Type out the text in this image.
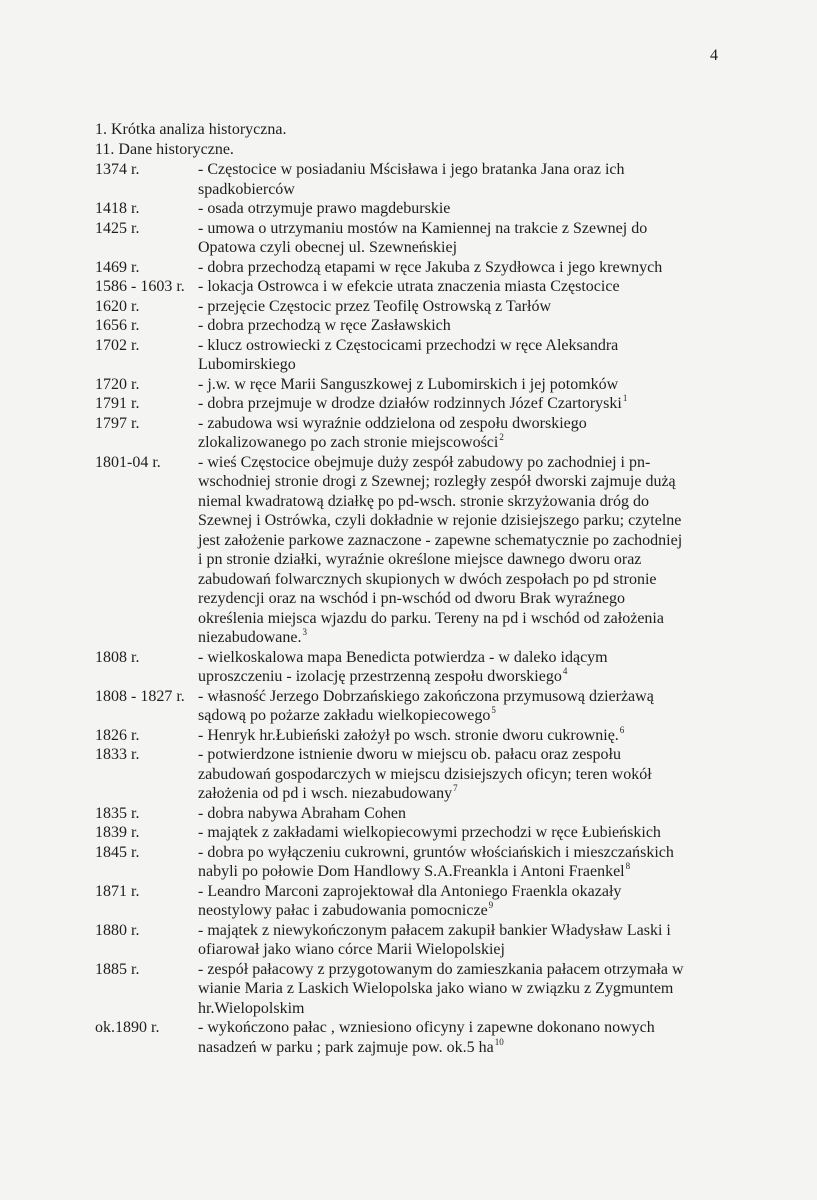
4
1. Krótka analiza historyczna.
11. Dane historyczne.
1374 r.	- Częstocice w posiadaniu Mścisława i jego bratanka Jana oraz ich
spadkobierców
1418 r.	- osada otrzymuje prawo magdeburskie
1425 r.	- umowa o utrzymaniu mostów na Kamiennej na trakcie z Szewnej do
Opatowa czyli obecnej ul. Szewneńskiej
1469 r.	- dobra przechodzą etapami w ręce Jakuba z Szydłowca i jego krewnych
1586 - 1603 r. - lokacja Ostrowca i w efekcie utrata znaczenia miasta Częstocice
1620 r.	- przejęcie Częstocic przez Teofilę Ostrowską z Tarłów
1656 r.	- dobra przechodzą w ręce Zasławskich
1702 r.	- klucz ostrowiecki z Częstocicami przechodzi w ręce Aleksandra
Lubomirskiego
1720 r.	- j.w. w ręce Marii Sanguszkowej z Lubomirskich i jej potomków
1791 r.	- dobra przejmuje w drodze działów rodzinnych Józef Czartoryski$^1$
1797 r.	- zabudowa wsi wyraźnie oddzielona od zespołu dworskiego
zlokalizowanego po zach stronie miejscowości$^2$
1801-04 r.	- wieś Częstocice obejmuje duży zespół zabudowy po zachodniej i pn-
wschodniej stronie drogi z Szewnej; rozległy zespół dworski zajmuje dużą
niemal kwadratową działkę po pd-wsch. stronie skrzyżowania dróg do
Szewnej i Ostrówka, czyli dokładnie w rejonie dzisiejszego parku; czytelne
jest założenie parkowe zaznaczone - zapewne schematycznie po zachodniej
i pn stronie działki, wyraźnie określone miejsce dawnego dworu oraz
zabudowań folwarcznych skupionych w dwóch zespołach po pd stronie
rezydencji oraz na wschód i pn-wschód od dworu Brak wyraźnego
określenia miejsca wjazdu do parku. Tereny na pd i wschód od założenia
niezabudowane.$^3$
1808 r.	- wielkoskalowa mapa Benedicta potwierdza - w daleko idącym
uproszczeniu - izolację przestrzenną zespołu dworskiego$^4$
1808 - 1827 r. - własność Jerzego Dobrzańskiego zakończona przymusową dzierżawą
sądową po pożarze zakładu wielkopiecowego$^5$
1826 r.	- Henryk hr.Łubieński założył po wsch. stronie dworu cukrownię.$^6$
1833 r.	- potwierdzone istnienie dworu w miejscu ob. pałacu oraz zespołu
zabudowań gospodarczych w miejscu dzisiejszych oficyn; teren wokół
założenia od pd i wsch. niezabudowany$^7$
1835 r.	- dobra nabywa Abraham Cohen
1839 r.	- majątek z zakładami wielkopiecowymi przechodzi w ręce Łubieńskich
1845 r.	- dobra po wyłączeniu cukrowni, gruntów włościańskich i mieszczańskich
nabyli po połowie Dom Handlowy S.A.Freankla i Antoni Fraenkel$^8$
1871 r.	- Leandro Marconi zaprojektował dla Antoniego Fraenkla okazały
neostylowy pałac i zabudowania pomocnicze$^9$
1880 r.	- majątek z niewykończonym pałacem zakupił bankier Władysław Laski i
ofiarował jako wiano córce Marii Wielopolskiej
1885 r.	- zespół pałacowy z przygotowanym do zamieszkania pałacem otrzymała w
wianie Maria z Laskich Wielopolska jako wiano w związku z Zygmuntem
hr.Wielopolskim
ok.1890 r.	- wykończono pałac , wzniesiono oficyny i zapewne dokonano nowych
nasadzeń w parku ; park zajmuje pow. ok.5 $ha^{10}$
